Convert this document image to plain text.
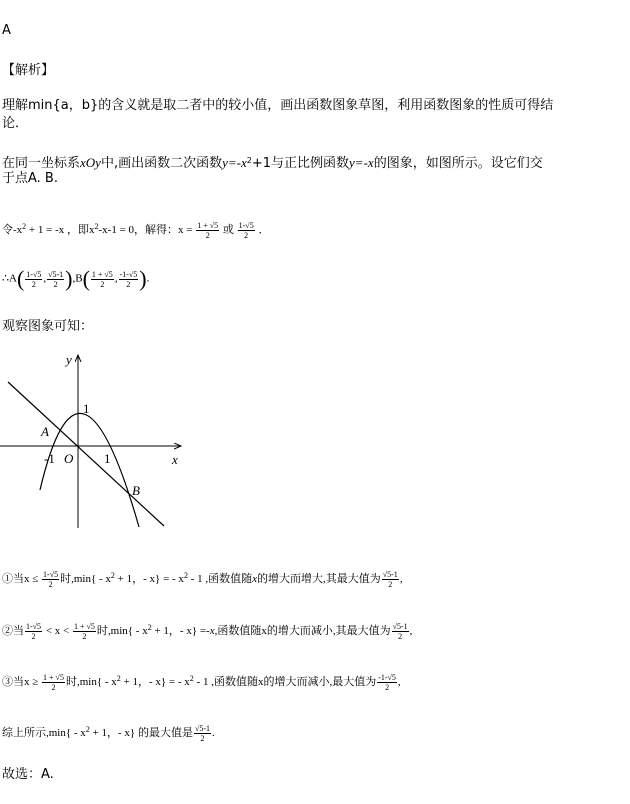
A
【解析】
理解min{a，b}的含义就是取二者中的较小值，画出函数图象草图，利用函数图象的性质可得结
论．
在同一坐标系xOy中,画出函数二次函数$y=-x^2+1$与正比例函数y=-x的图象，如图所示。设它们交
于点A. B.
令$-x^2 + 1 = -x$ ，即$x^2-x-1 = 0$，解得：$x = \frac{1 + √5}{2}$ 或 $\frac{1-√5}{2}$ ．
∴A( $\frac{1-√5}{2}$ , $\frac{√5-1}{2} ),B( \frac{1 + √5}{2}$ , $\frac{-1-√5}{2}$ ).
观察图象可知：
y
x
O
1
-1	1
A
B
①当$x \le \frac{1-√5}{2}$ 时$,\min\{ - x^2 + 1$，- x} = - $x^2 - 1$ ,函数值随x的增大而增大,其最大值为 $\frac{√5-1}{2}$ ,
②当 $\frac{1-√5}{2} < x < \frac{1 + √5}{2}$ 时$,\min\{ - x^2 + 1$，- x} =-x,函数值随x的增大而减小,其最大值为 $\frac{√5-1}{2}$ ,
③当$x \ge \frac{1 + √5}{2}$ 时$,\min\{ - x^2 + 1$，- x} = - $x^2 - 1$ ,函数值随x的增大而减小,最大值为 $\frac{-1-√5}{2}$ ,
综上所示$,\min\{ - x^2 + 1$，- x} 的最大值是 $\frac{√5-1}{2}$ .
故选：A.
